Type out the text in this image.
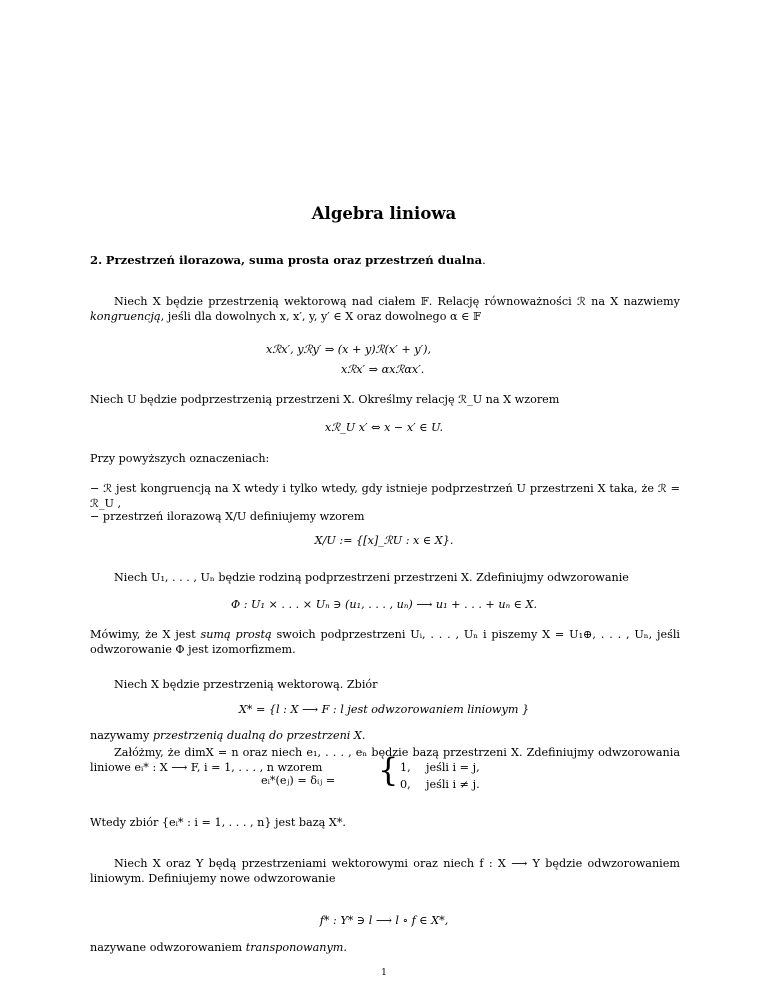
Algebra liniowa
2. Przestrzeń ilorazowa, suma prosta oraz przestrzeń dualna.
Niech X będzie przestrzenią wektorową nad ciałem 𝔽. Relację równoważności ℛ na X nazwiemy kongruencją, jeśli dla dowolnych x, x′, y, y′ ∈ X oraz dowolnego α ∈ 𝔽
xℛx′, yℛy′ ⇒ (x + y)ℛ(x′ + y′),
xℛx′ ⇒ αxℛαx′.
Niech U będzie podprzestrzenią przestrzeni X. Określmy relację ℛ_U na X wzorem
xℛ_U x′ ⇔ x − x′ ∈ U.
Przy powyższych oznaczeniach:
− ℛ jest kongruencją na X wtedy i tylko wtedy, gdy istnieje podprzestrzeń U przestrzeni X taka, że ℛ = ℛ_U ,
− przestrzeń ilorazową X/U definiujemy wzorem
X/U := {[x]_ℛU : x ∈ X}.
Niech U₁, . . . , Uₙ będzie rodziną podprzestrzeni przestrzeni X. Zdefiniujmy odwzorowanie
Φ : U₁ × . . . × Uₙ ∋ (u₁, . . . , uₙ) ⟶ u₁ + . . . + uₙ ∈ X.
Mówimy, że X jest sumą prostą swoich podprzestrzeni Uᵢ, . . . , Uₙ i piszemy X = U₁⊕, . . . , Uₙ, jeśli odwzorowanie Φ jest izomorfizmem.
Niech X będzie przestrzenią wektorową. Zbiór
X* = {l : X ⟶ F : l jest odwzorowaniem liniowym }
nazywamy przestrzenią dualną do przestrzeni X.
Załóżmy, że dimX = n oraz niech e₁, . . . , eₙ będzie bazą przestrzeni X. Zdefiniujmy odwzorowania liniowe eᵢ* : X ⟶ F, i = 1, . . . , n wzorem
eᵢ*(eⱼ) = δᵢⱼ = { 1, jeśli i = j,
0, jeśli i ≠ j.
Wtedy zbiór {eᵢ* : i = 1, . . . , n} jest bazą X*.
Niech X oraz Y będą przestrzeniami wektorowymi oraz niech f : X ⟶ Y będzie odwzorowaniem liniowym. Definiujemy nowe odwzorowanie
f* : Y* ∋ l ⟶ l ∘ f ∈ X*,
nazywane odwzorowaniem transponowanym.
1
